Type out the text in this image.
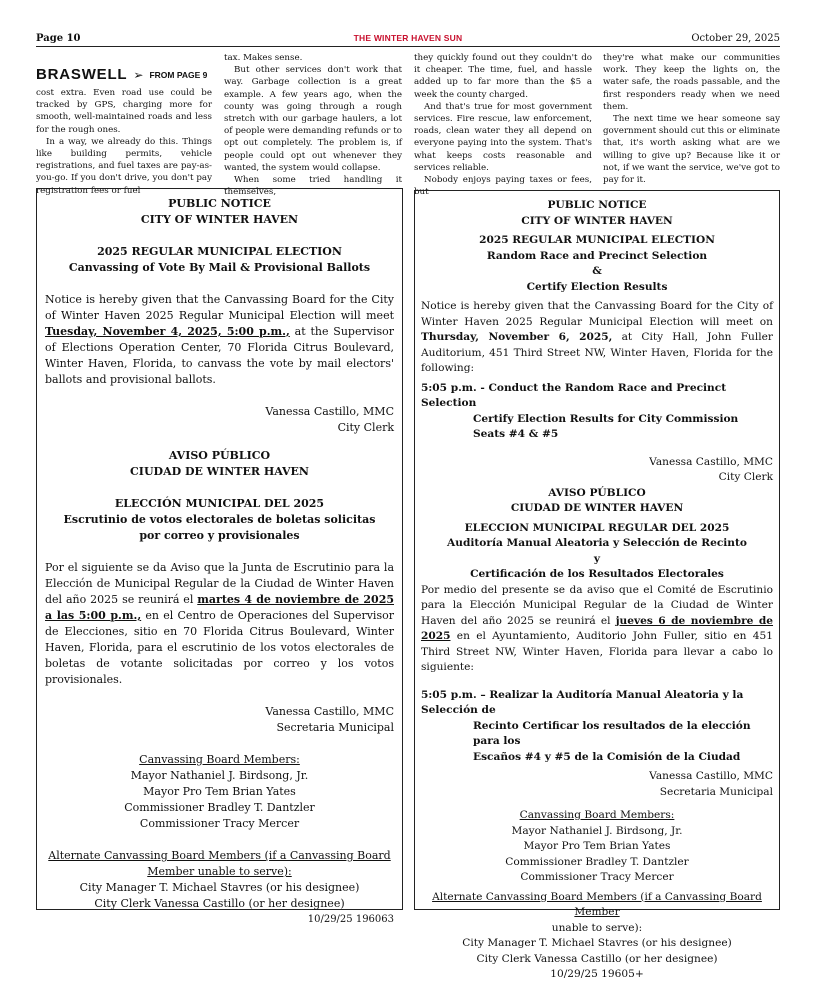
Page 10	THE WINTER HAVEN SUN	October 29, 2025
BRASWELL ➢ FROM PAGE 9

cost extra. Even road use could be tracked by GPS, charging more for smooth, well-maintained roads and less for the rough ones.

In a way, we already do this. Things like building permits, vehicle registrations, and fuel taxes are pay-as-you-go. If you don't drive, you don't pay registration fees or fuel

tax. Makes sense.

But other services don't work that way. Garbage collection is a great example. A few years ago, when the county was going through a rough stretch with our garbage haulers, a lot of people were demanding refunds or to opt out completely. The problem is, if people could opt out whenever they wanted, the system would collapse.

When some tried handling it themselves,

they quickly found out they couldn't do it cheaper. The time, fuel, and hassle added up to far more than the $5 a week the county charged.

And that's true for most government services. Fire rescue, law enforcement, roads, clean water they all depend on everyone paying into the system. That's what keeps costs reasonable and services reliable.

Nobody enjoys paying taxes or fees, but

they're what make our communities work. They keep the lights on, the water safe, the roads passable, and the first responders ready when we need them.

The next time we hear someone say government should cut this or eliminate that, it's worth asking what are we willing to give up? Because like it or not, if we want the service, we've got to pay for it.

PUBLIC NOTICE
CITY OF WINTER HAVEN
2025 REGULAR MUNICIPAL ELECTION
Canvassing of Vote By Mail & Provisional Ballots
Notice is hereby given that the Canvassing Board for the City of Winter Haven 2025 Regular Municipal Election will meet Tuesday, November 4, 2025, 5:00 p.m., at the Supervisor of Elections Operation Center, 70 Florida Citrus Boulevard, Winter Haven, Florida, to canvass the vote by mail electors' ballots and provisional ballots.
Vanessa Castillo, MMC
City Clerk
AVISO PÚBLICO
CIUDAD DE WINTER HAVEN
ELECCIÓN MUNICIPAL DEL 2025
Escrutinio de votos electorales de boletas solicitas
por correo y provisionales
Por el siguiente se da Aviso que la Junta de Escrutinio para la Elección de Municipal Regular de la Ciudad de Winter Haven del año 2025 se reunirá el martes 4 de noviembre de 2025 a las 5:00 p.m., en el Centro de Operaciones del Supervisor de Elecciones, sitio en 70 Florida Citrus Boulevard, Winter Haven, Florida, para el escrutinio de los votos electorales de boletas de votante solicitadas por correo y los votos provisionales.
Vanessa Castillo, MMC
Secretaria Municipal
Canvassing Board Members:
Mayor Nathaniel J. Birdsong, Jr.
Mayor Pro Tem Brian Yates
Commissioner Bradley T. Dantzler
Commissioner Tracy Mercer
Alternate Canvassing Board Members (if a Canvassing Board
Member unable to serve):
City Manager T. Michael Stavres (or his designee)
City Clerk Vanessa Castillo (or her designee)
10/29/25 196063
PUBLIC NOTICE
CITY OF WINTER HAVEN
2025 REGULAR MUNICIPAL ELECTION
Random Race and Precinct Selection
&
Certify Election Results
Notice is hereby given that the Canvassing Board for the City of Winter Haven 2025 Regular Municipal Election will meet on Thursday, November 6, 2025, at City Hall, John Fuller Auditorium, 451 Third Street NW, Winter Haven, Florida for the following:
5:05 p.m. - Conduct the Random Race and Precinct Selection
Certify Election Results for City Commission Seats #4 & #5
Vanessa Castillo, MMC
City Clerk
AVISO PÚBLICO
CIUDAD DE WINTER HAVEN
ELECCION MUNICIPAL REGULAR DEL 2025
Auditoría Manual Aleatoria y Selección de Recinto
y
Certificación de los Resultados Electorales
Por medio del presente se da aviso que el Comité de Escrutinio para la Elección Municipal Regular de la Ciudad de Winter Haven del año 2025 se reunirá el jueves 6 de noviembre de 2025 en el Ayuntamiento, Auditorio John Fuller, sitio en 451 Third Street NW, Winter Haven, Florida para llevar a cabo lo siguiente:
5:05 p.m. – Realizar la Auditoría Manual Aleatoria y la Selección de
Recinto Certificar los resultados de la elección para los
Escaños #4 y #5 de la Comisión de la Ciudad
Vanessa Castillo, MMC
Secretaria Municipal
Canvassing Board Members:
Mayor Nathaniel J. Birdsong, Jr.
Mayor Pro Tem Brian Yates
Commissioner Bradley T. Dantzler
Commissioner Tracy Mercer
Alternate Canvassing Board Members (if a Canvassing Board Member
unable to serve):
City Manager T. Michael Stavres (or his designee)
City Clerk Vanessa Castillo (or her designee)
10/29/25 19605+
